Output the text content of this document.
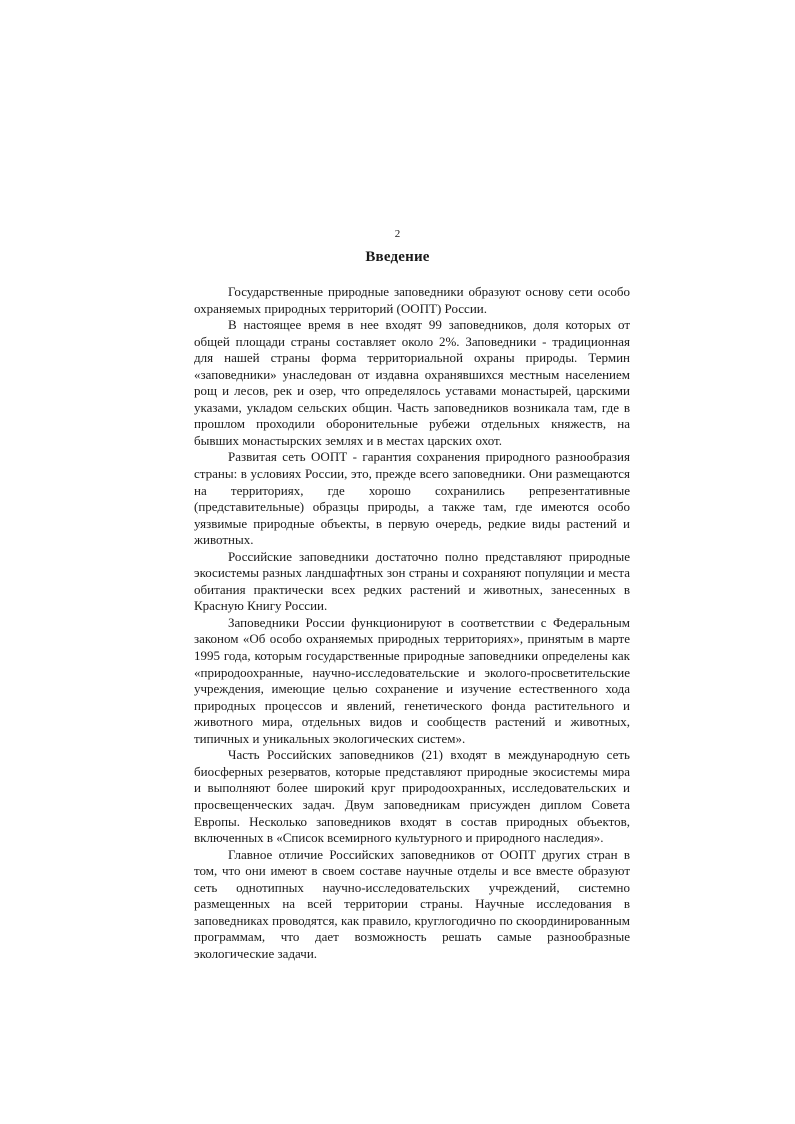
2
Введение

Государственные природные заповедники образуют основу сети особо охраняемых природных территорий (ООПТ) России.

В настоящее время в нее входят 99 заповедников, доля которых от общей площади страны составляет около 2%. Заповедники - традиционная для нашей страны форма территориальной охраны природы. Термин «заповедники» унаследован от издавна охранявшихся местным населением рощ и лесов, рек и озер, что определялось уставами монастырей, царскими указами, укладом сельских общин. Часть заповедников возникала там, где в прошлом проходили оборонительные рубежи отдельных княжеств, на бывших монастырских землях и в местах царских охот.

Развитая сеть ООПТ - гарантия сохранения природного разнообразия страны: в условиях России, это, прежде всего заповедники. Они размещаются на территориях, где хорошо сохранились репрезентативные (представительные) образцы природы, а также там, где имеются особо уязвимые природные объекты, в первую очередь, редкие виды растений и животных.

Российские заповедники достаточно полно представляют природные экосистемы разных ландшафтных зон страны и сохраняют популяции и места обитания практически всех редких растений и животных, занесенных в Красную Книгу России.

Заповедники России функционируют в соответствии с Федеральным законом «Об особо охраняемых природных территориях», принятым в марте 1995 года, которым государственные природные заповедники определены как «природоохранные, научно-исследовательские и эколого-просветительские учреждения, имеющие целью сохранение и изучение естественного хода природных процессов и явлений, генетического фонда растительного и животного мира, отдельных видов и сообществ растений и животных, типичных и уникальных экологических систем».

Часть Российских заповедников (21) входят в международную сеть биосферных резерватов, которые представляют природные экосистемы мира и выполняют более широкий круг природоохранных, исследовательских и просвещенческих задач. Двум заповедникам присужден диплом Совета Европы. Несколько заповедников входят в состав природных объектов, включенных в «Список всемирного культурного и природного наследия».

Главное отличие Российских заповедников от ООПТ других стран в том, что они имеют в своем составе научные отделы и все вместе образуют сеть однотипных научно-исследовательских учреждений, системно размещенных на всей территории страны. Научные исследования в заповедниках проводятся, как правило, круглогодично по скоординированным программам, что дает возможность решать самые разнообразные экологические задачи.
